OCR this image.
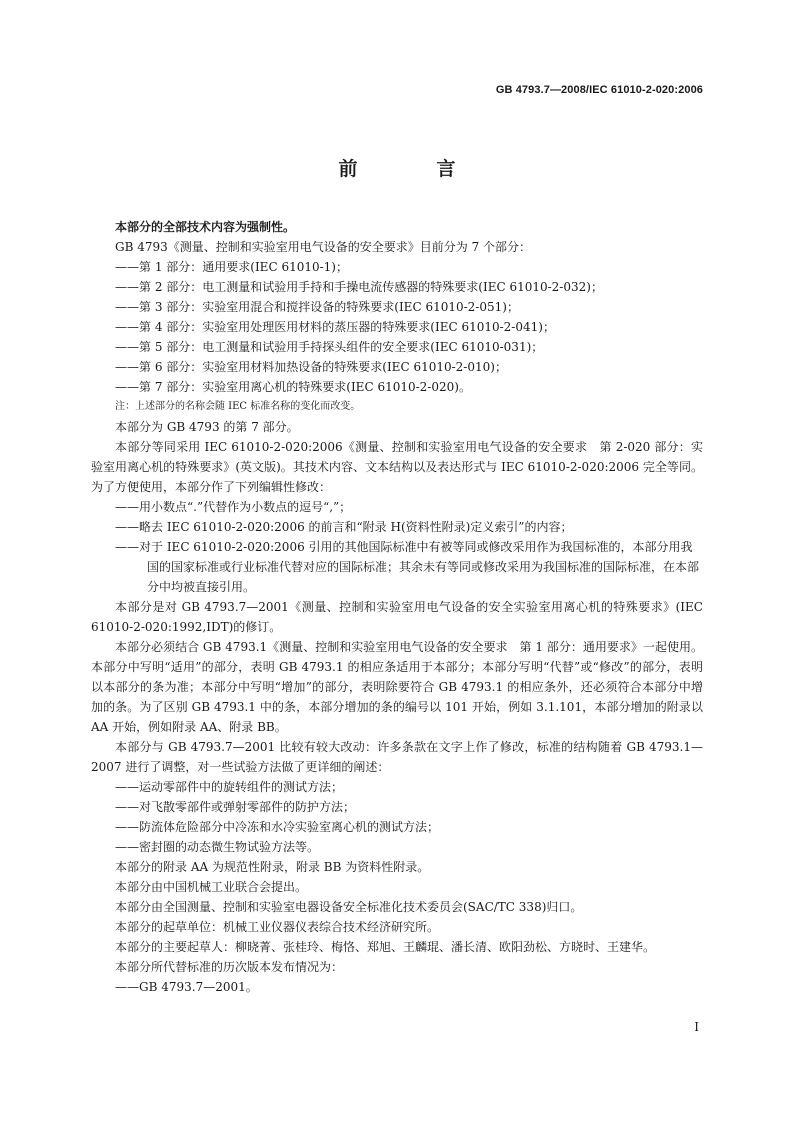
GB 4793.7—2008/IEC 61010-2-020:2006
前　言

本部分的全部技术内容为强制性。

GB 4793《测量、控制和实验室用电气设备的安全要求》目前分为 7 个部分：

——第 1 部分：通用要求(IEC 61010-1)；

——第 2 部分：电工测量和试验用手持和手操电流传感器的特殊要求(IEC 61010-2-032)；

——第 3 部分：实验室用混合和搅拌设备的特殊要求(IEC 61010-2-051)；

——第 4 部分：实验室用处理医用材料的蒸压器的特殊要求(IEC 61010-2-041)；

——第 5 部分：电工测量和试验用手持探头组件的安全要求(IEC 61010-031)；

——第 6 部分：实验室用材料加热设备的特殊要求(IEC 61010-2-010)；

——第 7 部分：实验室用离心机的特殊要求(IEC 61010-2-020)。

注：上述部分的名称会随 IEC 标准名称的变化而改变。

本部分为 GB 4793 的第 7 部分。

本部分等同采用 IEC 61010-2-020:2006《测量、控制和实验室用电气设备的安全要求　第 2-020 部分：实验室用离心机的特殊要求》(英文版)。其技术内容、文本结构以及表达形式与 IEC 61010-2-020:2006 完全等同。为了方便使用，本部分作了下列编辑性修改：

——用小数点“.”代替作为小数点的逗号“,”；

——略去 IEC 61010-2-020:2006 的前言和“附录 H(资料性附录)定义索引”的内容；

——对于 IEC 61010-2-020:2006 引用的其他国际标准中有被等同或修改采用作为我国标准的，本部分用我国的国家标准或行业标准代替对应的国际标准；其余未有等同或修改采用为我国标准的国际标准，在本部分中均被直接引用。

本部分是对 GB 4793.7—2001《测量、控制和实验室用电气设备的安全实验室用离心机的特殊要求》(IEC 61010-2-020:1992,IDT)的修订。

本部分必须结合 GB 4793.1《测量、控制和实验室用电气设备的安全要求　第 1 部分：通用要求》一起使用。本部分中写明“适用”的部分，表明 GB 4793.1 的相应条适用于本部分；本部分写明“代替”或“修改”的部分，表明以本部分的条为准；本部分中写明“增加”的部分，表明除要符合 GB 4793.1 的相应条外，还必须符合本部分中增加的条。为了区别 GB 4793.1 中的条，本部分增加的条的编号以 101 开始，例如 3.1.101，本部分增加的附录以 AA 开始，例如附录 AA、附录 BB。

本部分与 GB 4793.7—2001 比较有较大改动：许多条款在文字上作了修改，标准的结构随着 GB 4793.1—2007 进行了调整，对一些试验方法做了更详细的阐述：

——运动零部件中的旋转组件的测试方法；

——对飞散零部件或弹射零部件的防护方法；

——防流体危险部分中冷冻和水冷实验室离心机的测试方法；

——密封圈的动态微生物试验方法等。

本部分的附录 AA 为规范性附录，附录 BB 为资料性附录。

本部分由中国机械工业联合会提出。

本部分由全国测量、控制和实验室电器设备安全标准化技术委员会(SAC/TC 338)归口。

本部分的起草单位：机械工业仪器仪表综合技术经济研究所。

本部分的主要起草人：柳晓菁、张桂玲、梅恪、郑旭、王麟琨、潘长清、欧阳劲松、方晓时、王建华。

本部分所代替标准的历次版本发布情况为：

——GB 4793.7—2001。

I
